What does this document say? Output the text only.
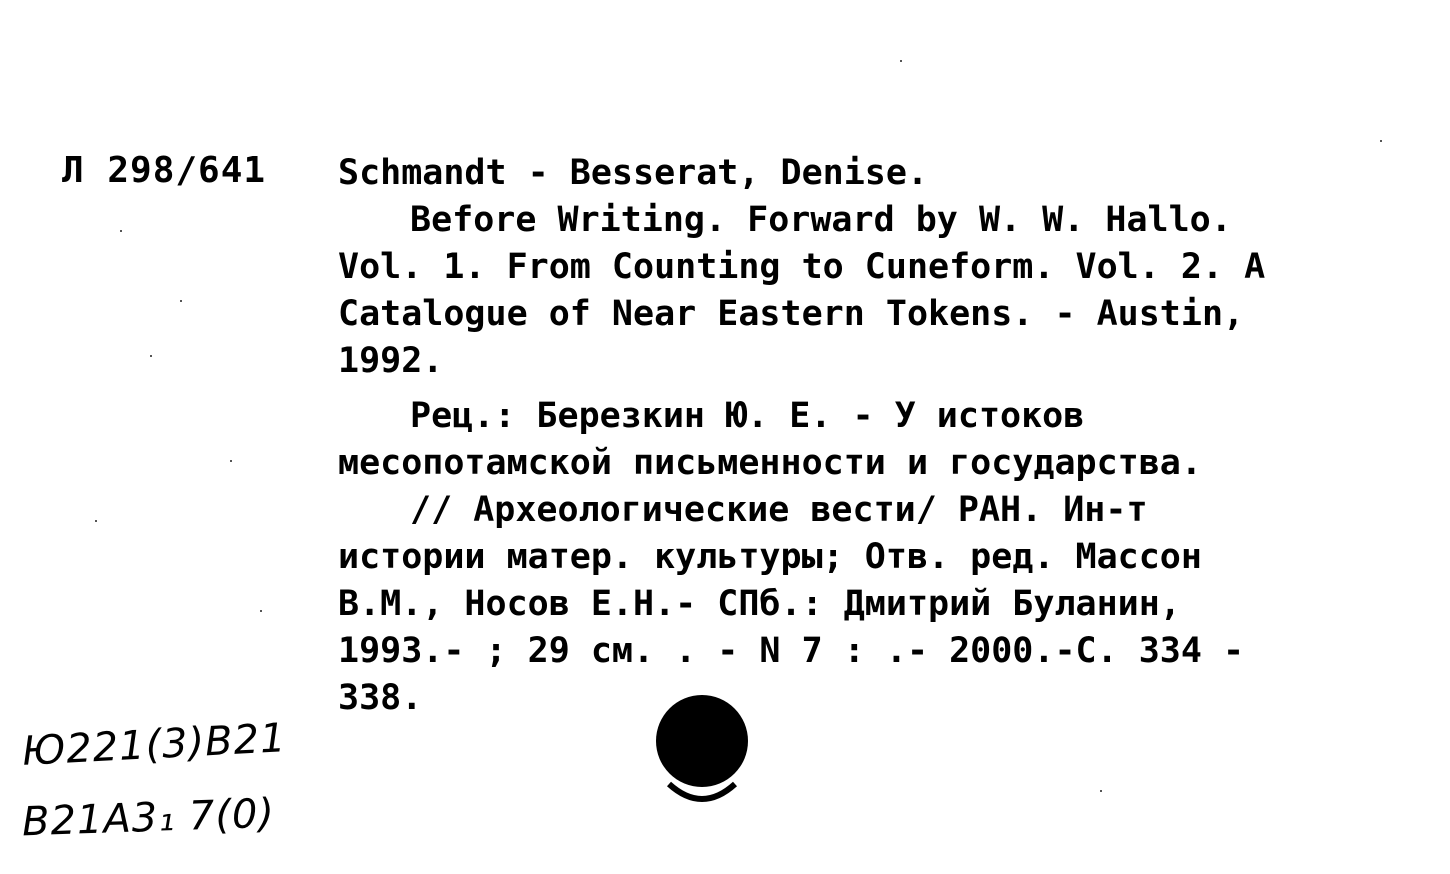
Л 298/641 Schmandt - Besserat, Denise.
Before Writing. Forward by W. W. Hallo.
Vol. 1. From Counting to Cuneform. Vol. 2. A
Catalogue of Near Eastern Tokens. - Austin,
1992.
Рец.: Березкин Ю. Е. - У истоков
месопотамской письменности и государства.
// Археологические вести/ РАН. Ин-т
истории матер. культуры; Отв. ред. Массон
В.М., Носов Е.Н.- СПб.: Дмитрий Буланин,
1993.- ; 29 см. . - N 7 : .- 2000.-С. 334 -
338.
Ю221(3)В21
В21А3₁ 7(0)
